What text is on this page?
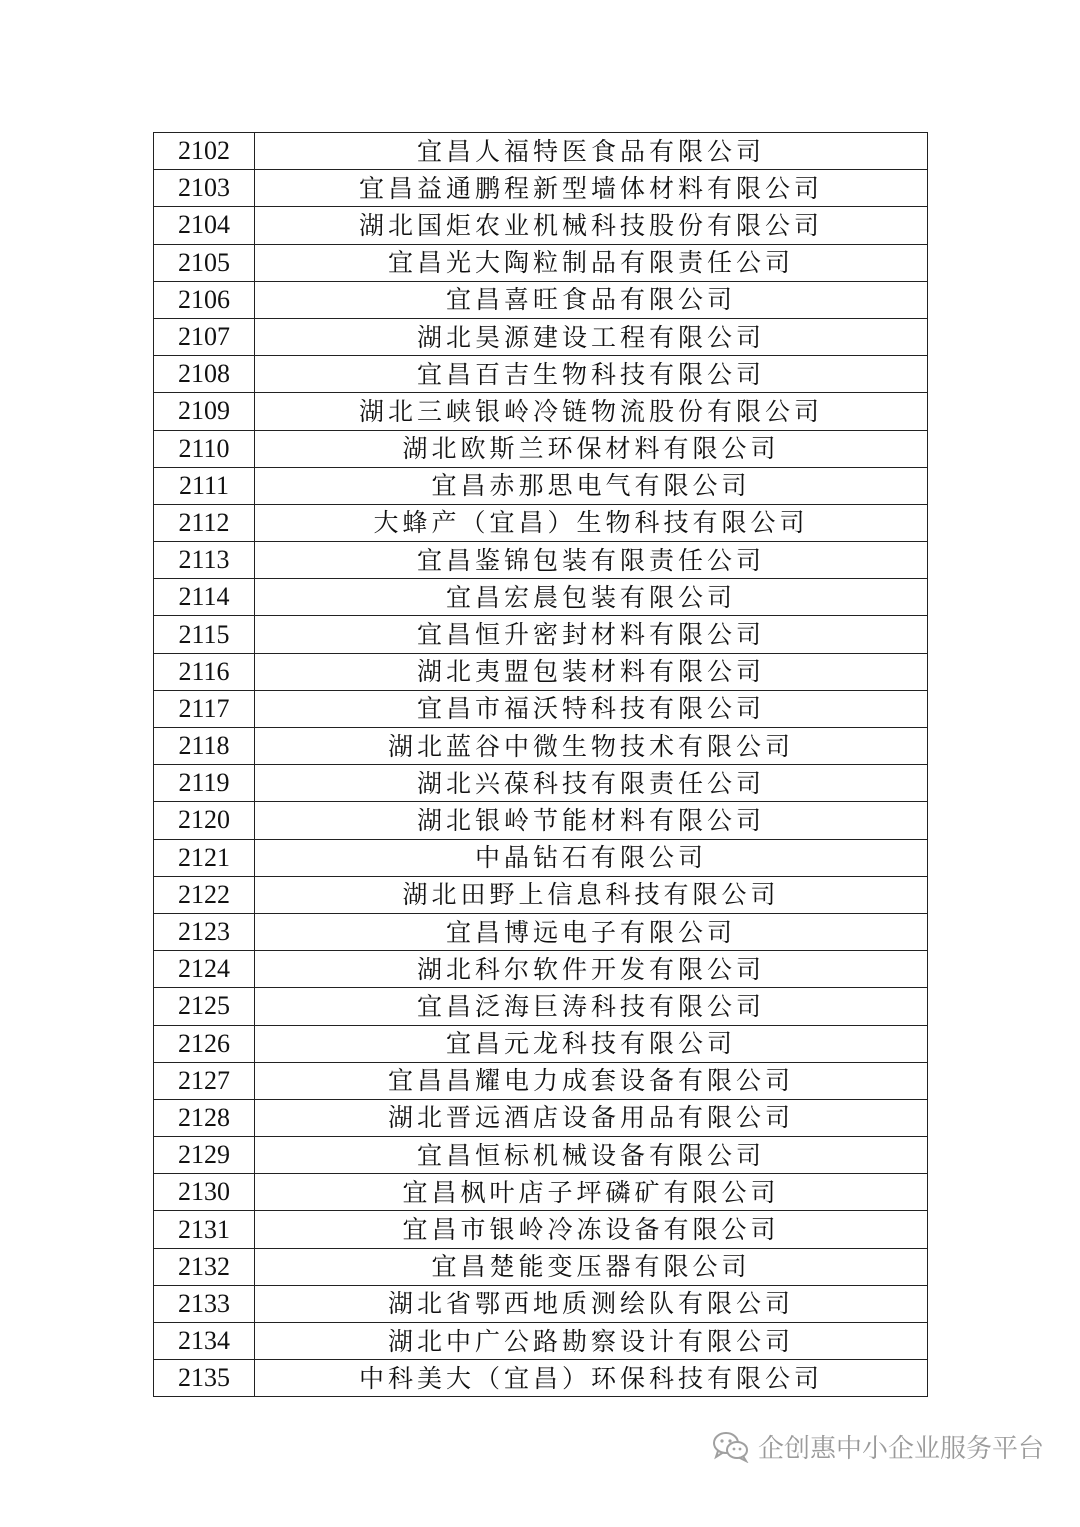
2102	宜昌人福特医食品有限公司
2103	宜昌益通鹏程新型墙体材料有限公司
2104	湖北国炬农业机械科技股份有限公司
2105	宜昌光大陶粒制品有限责任公司
2106	宜昌喜旺食品有限公司
2107	湖北昊源建设工程有限公司
2108	宜昌百吉生物科技有限公司
2109	湖北三峡银岭冷链物流股份有限公司
2110	湖北欧斯兰环保材料有限公司
2111	宜昌赤那思电气有限公司
2112	大蜂产（宜昌）生物科技有限公司
2113	宜昌鉴锦包装有限责任公司
2114	宜昌宏晨包装有限公司
2115	宜昌恒升密封材料有限公司
2116	湖北夷盟包装材料有限公司
2117	宜昌市福沃特科技有限公司
2118	湖北蓝谷中微生物技术有限公司
2119	湖北兴葆科技有限责任公司
2120	湖北银岭节能材料有限公司
2121	中晶钻石有限公司
2122	湖北田野上信息科技有限公司
2123	宜昌博远电子有限公司
2124	湖北科尔软件开发有限公司
2125	宜昌泛海巨涛科技有限公司
2126	宜昌元龙科技有限公司
2127	宜昌昌耀电力成套设备有限公司
2128	湖北晋远酒店设备用品有限公司
2129	宜昌恒标机械设备有限公司
2130	宜昌枫叶店子坪磷矿有限公司
2131	宜昌市银岭冷冻设备有限公司
2132	宜昌楚能变压器有限公司
2133	湖北省鄂西地质测绘队有限公司
2134	湖北中广公路勘察设计有限公司
2135	中科美大（宜昌）环保科技有限公司
企创惠中小企业服务平台
